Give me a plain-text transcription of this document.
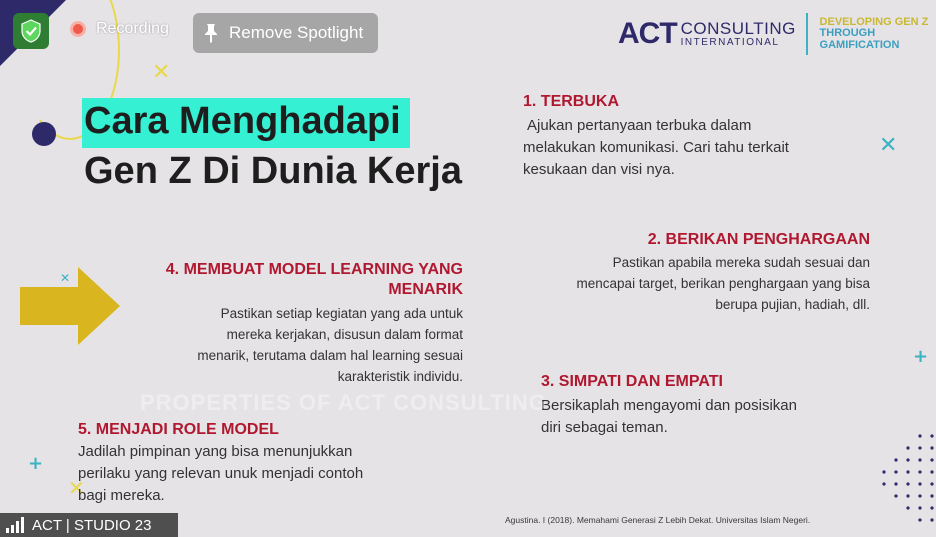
✕
✕
✕
✕
+
+
ACT CONSULTING
INTERNATIONAL
DEVELOPING GEN Z
THROUGH GAMIFICATION
Cara Menghadapi
Gen Z Di Dunia Kerja
1. TERBUKA
Ajukan pertanyaan terbuka dalam
melakukan komunikasi. Cari tahu terkait
kesukaan dan visi nya.
2. BERIKAN PENGHARGAAN
Pastikan apabila mereka sudah sesuai dan
mencapai target, berikan penghargaan yang bisa
berupa pujian, hadiah, dll.
3. SIMPATI DAN EMPATI
Bersikaplah mengayomi dan posisikan
diri sebagai teman.
4. MEMBUAT MODEL LEARNING YANG
MENARIK
Pastikan setiap kegiatan yang ada untuk
mereka kerjakan, disusun dalam format
menarik, terutama dalam hal learning sesuai
karakteristik individu.
PROPERTIES OF ACT CONSULTING
5. MENJADI ROLE MODEL
Jadilah pimpinan yang bisa menunjukkan
perilaku yang relevan unuk menjadi contoh
bagi mereka.
Agustina. I (2018). Memahami Generasi Z Lebih Dekat. Universitas Islam Negeri.
Recording	Remove Spotlight
ACT | STUDIO 23
